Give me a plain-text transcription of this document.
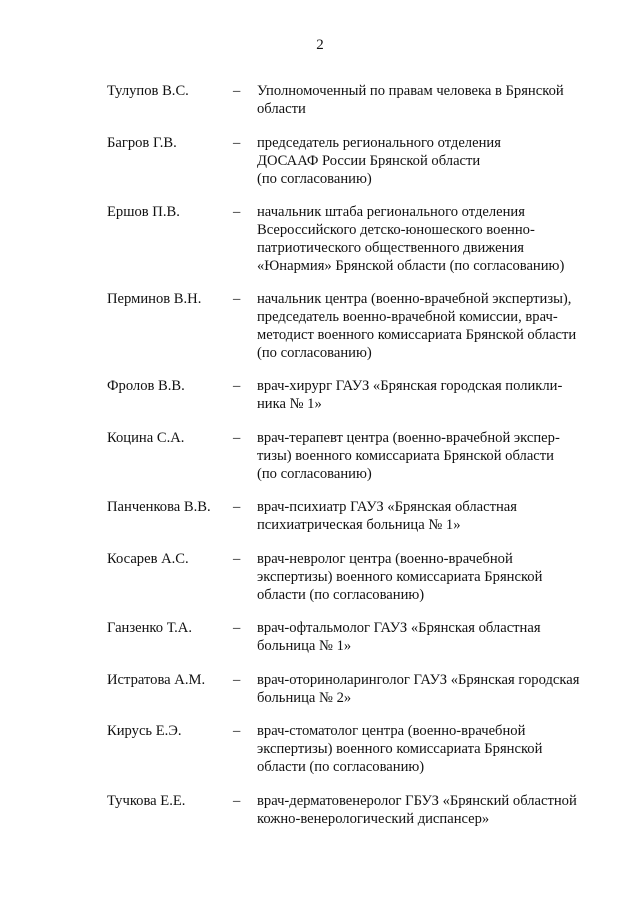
2
Тулупов В.С.	– Уполномоченный по правам человека в Брянской
области
Багров Г.В.	– председатель регионального отделения
ДОСААФ России Брянской области
(по согласованию)
Ершов П.В.	– начальник штаба регионального отделения
Всероссийского детско-юношеского военно-
патриотического общественного движения
«Юнармия» Брянской области (по согласованию)
Перминов В.Н. – начальник центра (военно-врачебной экспертизы),
председатель военно-врачебной комиссии, врач-
методист военного комиссариата Брянской области
(по согласованию)
Фролов В.В.	– врач-хирург ГАУЗ «Брянская городская поликли-
ника № 1»
Коцина С.А.	– врач-терапевт центра (военно-врачебной экспер-
тизы) военного комиссариата Брянской области
(по согласованию)
Панченкова В.В. – врач-психиатр ГАУЗ «Брянская областная
психиатрическая больница № 1»
Косарев А.С.	– врач-невролог центра (военно-врачебной
экспертизы) военного комиссариата Брянской
области (по согласованию)
Ганзенко Т.А.	– врач-офтальмолог ГАУЗ «Брянская областная
больница № 1»
Истратова А.М. – врач-оториноларинголог ГАУЗ «Брянская городская
больница № 2»
Кирусь Е.Э.	– врач-стоматолог центра (военно-врачебной
экспертизы) военного комиссариата Брянской
области (по согласованию)
Тучкова Е.Е.	– врач-дерматовенеролог ГБУЗ «Брянский областной
кожно-венерологический диспансер»
